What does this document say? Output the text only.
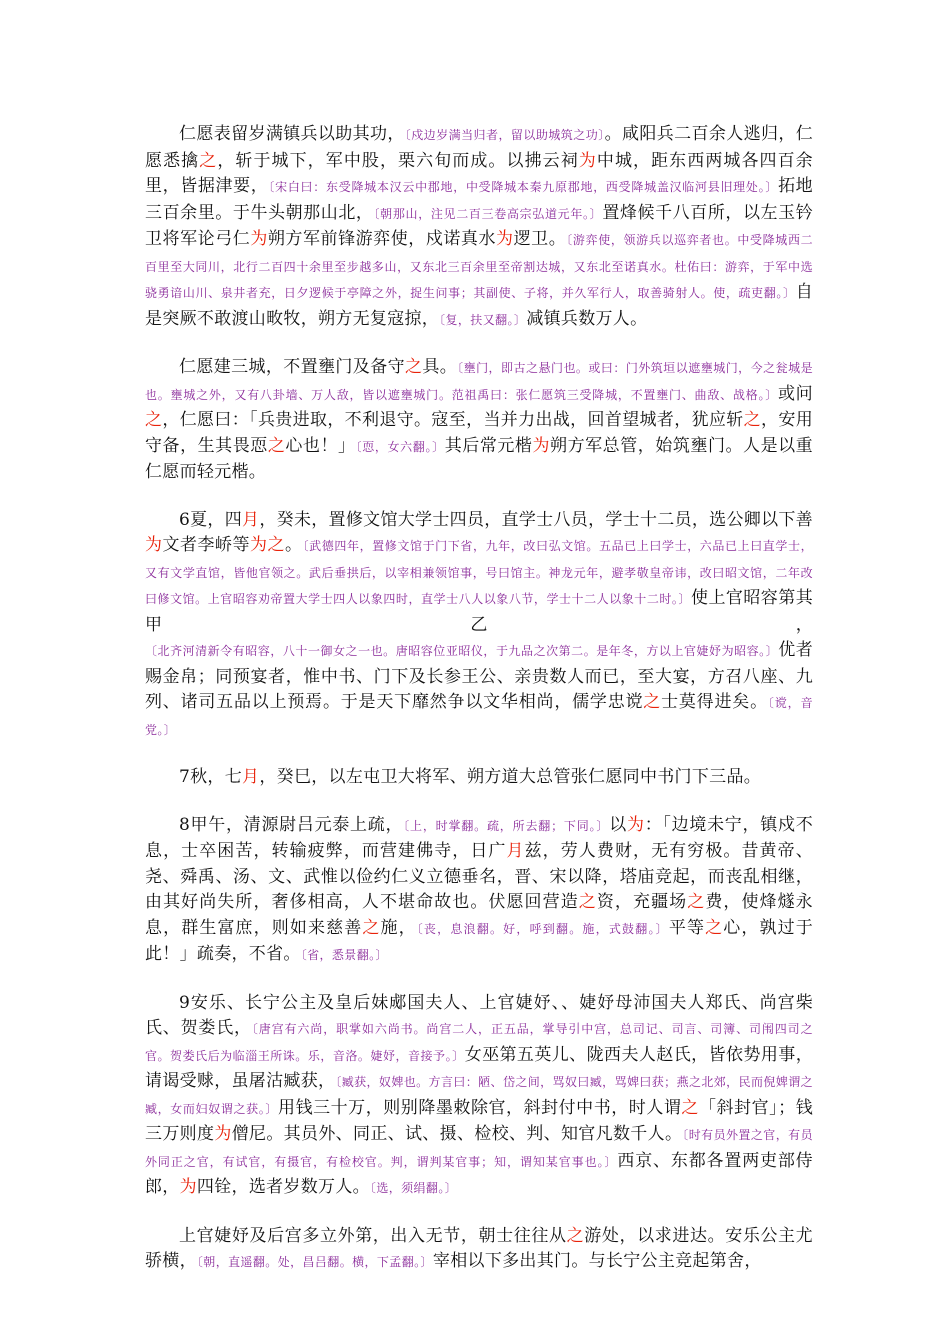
仁愿表留岁满镇兵以助其功，〔戍边岁满当归者，留以助城筑之功〕。咸阳兵二百余人逃归，仁愿悉擒之，斩于城下，军中股，栗六旬而成。以拂云祠为中城，距东西两城各四百余里，皆据津要，〔宋白曰：东受降城本汉云中郡地，中受降城本秦九原郡地，西受降城盖汉临河县旧理处。〕拓地三百余里。于牛头朝那山北，〔朝那山，注见二百三卷高宗弘道元年。〕置烽候千八百所，以左玉钤卫将军论弓仁为朔方军前锋游弈使，戍诺真水为逻卫。〔游弈使，领游兵以巡弈者也。中受降城西二百里至大同川，北行二百四十余里至步越多山，又东北三百余里至帝割达城，又东北至诺真水。杜佑曰：游弈，于军中选骁勇谙山川、泉井者充，日夕逻候于亭障之外，捉生问事；其副使、子将，并久军行人，取善骑射人。使，疏吏翻。〕自是突厥不敢渡山畋牧，朔方无复寇掠，〔复，扶又翻。〕减镇兵数万人。

仁愿建三城，不置壅门及备守之具。〔壅门，即古之悬门也。或曰：门外筑垣以遮壅城门，今之瓮城是也。壅城之外，又有八卦墙、万人敌，皆以遮壅城门。范祖禹曰：张仁愿筑三受降城，不置壅门、曲敌、战格。〕或问之，仁愿曰：「兵贵进取，不利退守。寇至，当并力出战，回首望城者，犹应斩之，安用守备，生其畏恧之心也！」〔恧，女六翻。〕其后常元楷为朔方军总管，始筑壅门。人是以重仁愿而轻元楷。

6夏，四月，癸未，置修文馆大学士四员，直学士八员，学士十二员，选公卿以下善为文者李峤等为之。〔武德四年，置修文馆于门下省，九年，改曰弘文馆。五品已上曰学士，六品已上曰直学士，又有文学直馆，皆他官领之。武后垂拱后，以宰相兼领馆事，号曰馆主。神龙元年，避孝敬皇帝讳，改曰昭文馆，二年改曰修文馆。上官昭容劝帝置大学士四人以象四时，直学士八人以象八节，学士十二人以象十二时。〕使上官昭容第其甲乙，〔北齐河清新令有昭容，八十一御女之一也。唐昭容位亚昭仪，于九品之次第二。是年冬，方以上官婕妤为昭容。〕优者赐金帛；同预宴者，惟中书、门下及长参王公、亲贵数人而已，至大宴，方召八座、九列、诸司五品以上预焉。于是天下靡然争以文华相尚，儒学忠谠之士莫得进矣。〔谠，音党。〕

7秋，七月，癸巳，以左屯卫大将军、朔方道大总管张仁愿同中书门下三品。

8甲午，清源尉吕元泰上疏，〔上，时掌翻。疏，所去翻；下同。〕以为：「边境未宁，镇戍不息，士卒困苦，转输疲弊，而营建佛寺，日广月兹，劳人费财，无有穷极。昔黄帝、尧、舜禹、汤、文、武惟以俭约仁义立德垂名，晋、宋以降，塔庙竞起，而丧乱相继，由其好尚失所，奢侈相高，人不堪命故也。伏愿回营造之资，充疆场之费，使烽燧永息，群生富庶，则如来慈善之施，〔丧，息浪翻。好，呼到翻。施，式鼓翻。〕平等之心，孰过于此！」疏奏，不省。〔省，悉景翻。〕

9安乐、长宁公主及皇后妹郕国夫人、上官婕妤、、婕妤母沛国夫人郑氏、尚宫柴氏、贺娄氏，〔唐宫有六尚，职掌如六尚书。尚宫二人，正五品，掌导引中宫，总司记、司言、司簿、司闱四司之官。贺娄氏后为临淄王所诛。乐，音洛。婕妤，音接予。〕女巫第五英儿、陇西夫人赵氏，皆依势用事，请谒受赇，虽屠沽臧获，〔臧获，奴婢也。方言曰：陋、岱之间，骂奴曰臧，骂婢曰获；燕之北郊，民而倪婢谓之臧，女而妇奴谓之获。〕用钱三十万，则别降墨敕除官，斜封付中书，时人谓之「斜封官」；钱三万则度为僧尼。其员外、同正、试、摄、检校、判、知官凡数千人。〔时有员外置之官，有员外同正之官，有试官，有摄官，有检校官。判，谓判某官事；知，谓知某官事也。〕西京、东都各置两吏部侍郎，为四铨，选者岁数万人。〔选，须绢翻。〕

上官婕妤及后宫多立外第，出入无节，朝士往往从之游处，以求进达。安乐公主尤骄横，〔朝，直遥翻。处，昌吕翻。横，下孟翻。〕宰相以下多出其门。与长宁公主竞起第舍，
